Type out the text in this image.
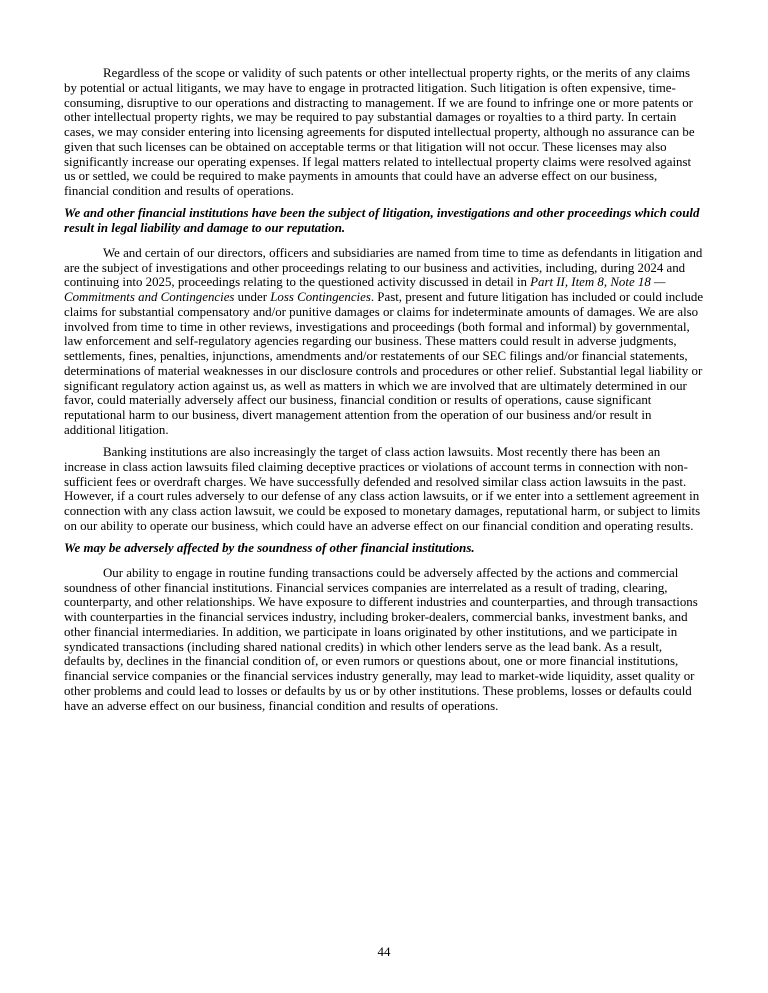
Regardless of the scope or validity of such patents or other intellectual property rights, or the merits of any claims by potential or actual litigants, we may have to engage in protracted litigation. Such litigation is often expensive, time-consuming, disruptive to our operations and distracting to management. If we are found to infringe one or more patents or other intellectual property rights, we may be required to pay substantial damages or royalties to a third party. In certain cases, we may consider entering into licensing agreements for disputed intellectual property, although no assurance can be given that such licenses can be obtained on acceptable terms or that litigation will not occur. These licenses may also significantly increase our operating expenses. If legal matters related to intellectual property claims were resolved against us or settled, we could be required to make payments in amounts that could have an adverse effect on our business, financial condition and results of operations.

We and other financial institutions have been the subject of litigation, investigations and other proceedings which could result in legal liability and damage to our reputation.

We and certain of our directors, officers and subsidiaries are named from time to time as defendants in litigation and are the subject of investigations and other proceedings relating to our business and activities, including, during 2024 and continuing into 2025, proceedings relating to the questioned activity discussed in detail in Part II, Item 8, Note 18 — Commitments and Contingencies under Loss Contingencies. Past, present and future litigation has included or could include claims for substantial compensatory and/or punitive damages or claims for indeterminate amounts of damages. We are also involved from time to time in other reviews, investigations and proceedings (both formal and informal) by governmental, law enforcement and self-regulatory agencies regarding our business. These matters could result in adverse judgments, settlements, fines, penalties, injunctions, amendments and/or restatements of our SEC filings and/or financial statements, determinations of material weaknesses in our disclosure controls and procedures or other relief. Substantial legal liability or significant regulatory action against us, as well as matters in which we are involved that are ultimately determined in our favor, could materially adversely affect our business, financial condition or results of operations, cause significant reputational harm to our business, divert management attention from the operation of our business and/or result in additional litigation.

Banking institutions are also increasingly the target of class action lawsuits. Most recently there has been an increase in class action lawsuits filed claiming deceptive practices or violations of account terms in connection with non-sufficient fees or overdraft charges. We have successfully defended and resolved similar class action lawsuits in the past. However, if a court rules adversely to our defense of any class action lawsuits, or if we enter into a settlement agreement in connection with any class action lawsuit, we could be exposed to monetary damages, reputational harm, or subject to limits on our ability to operate our business, which could have an adverse effect on our financial condition and operating results.

We may be adversely affected by the soundness of other financial institutions.

Our ability to engage in routine funding transactions could be adversely affected by the actions and commercial soundness of other financial institutions. Financial services companies are interrelated as a result of trading, clearing, counterparty, and other relationships. We have exposure to different industries and counterparties, and through transactions with counterparties in the financial services industry, including broker-dealers, commercial banks, investment banks, and other financial intermediaries. In addition, we participate in loans originated by other institutions, and we participate in syndicated transactions (including shared national credits) in which other lenders serve as the lead bank. As a result, defaults by, declines in the financial condition of, or even rumors or questions about, one or more financial institutions, financial service companies or the financial services industry generally, may lead to market-wide liquidity, asset quality or other problems and could lead to losses or defaults by us or by other institutions. These problems, losses or defaults could have an adverse effect on our business, financial condition and results of operations.

44
